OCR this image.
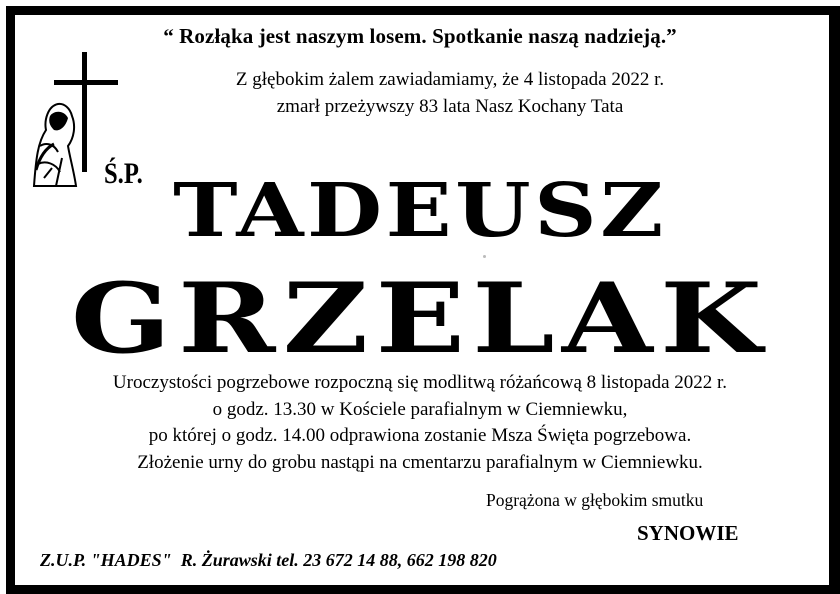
“ Rozłąka jest naszym losem. Spotkanie naszą nadzieją.”
Z głębokim żalem zawiadamiamy, że 4 listopada 2022 r.
zmarł przeżywszy 83 lata Nasz Kochany Tata
Ś.P. TADEUSZ
GRZELAK
Uroczystości pogrzebowe rozpoczną się modlitwą różańcową 8 listopada 2022 r.
o godz. 13.30 w Kościele parafialnym w Ciemniewku,
po której o godz. 14.00 odprawiona zostanie Msza Święta pogrzebowa.
Złożenie urny do grobu nastąpi na cmentarzu parafialnym w Ciemniewku.
Pogrążona w głębokim smutku
SYNOWIE
Z.U.P. "HADES" R. Żurawski tel. 23 672 14 88, 662 198 820
